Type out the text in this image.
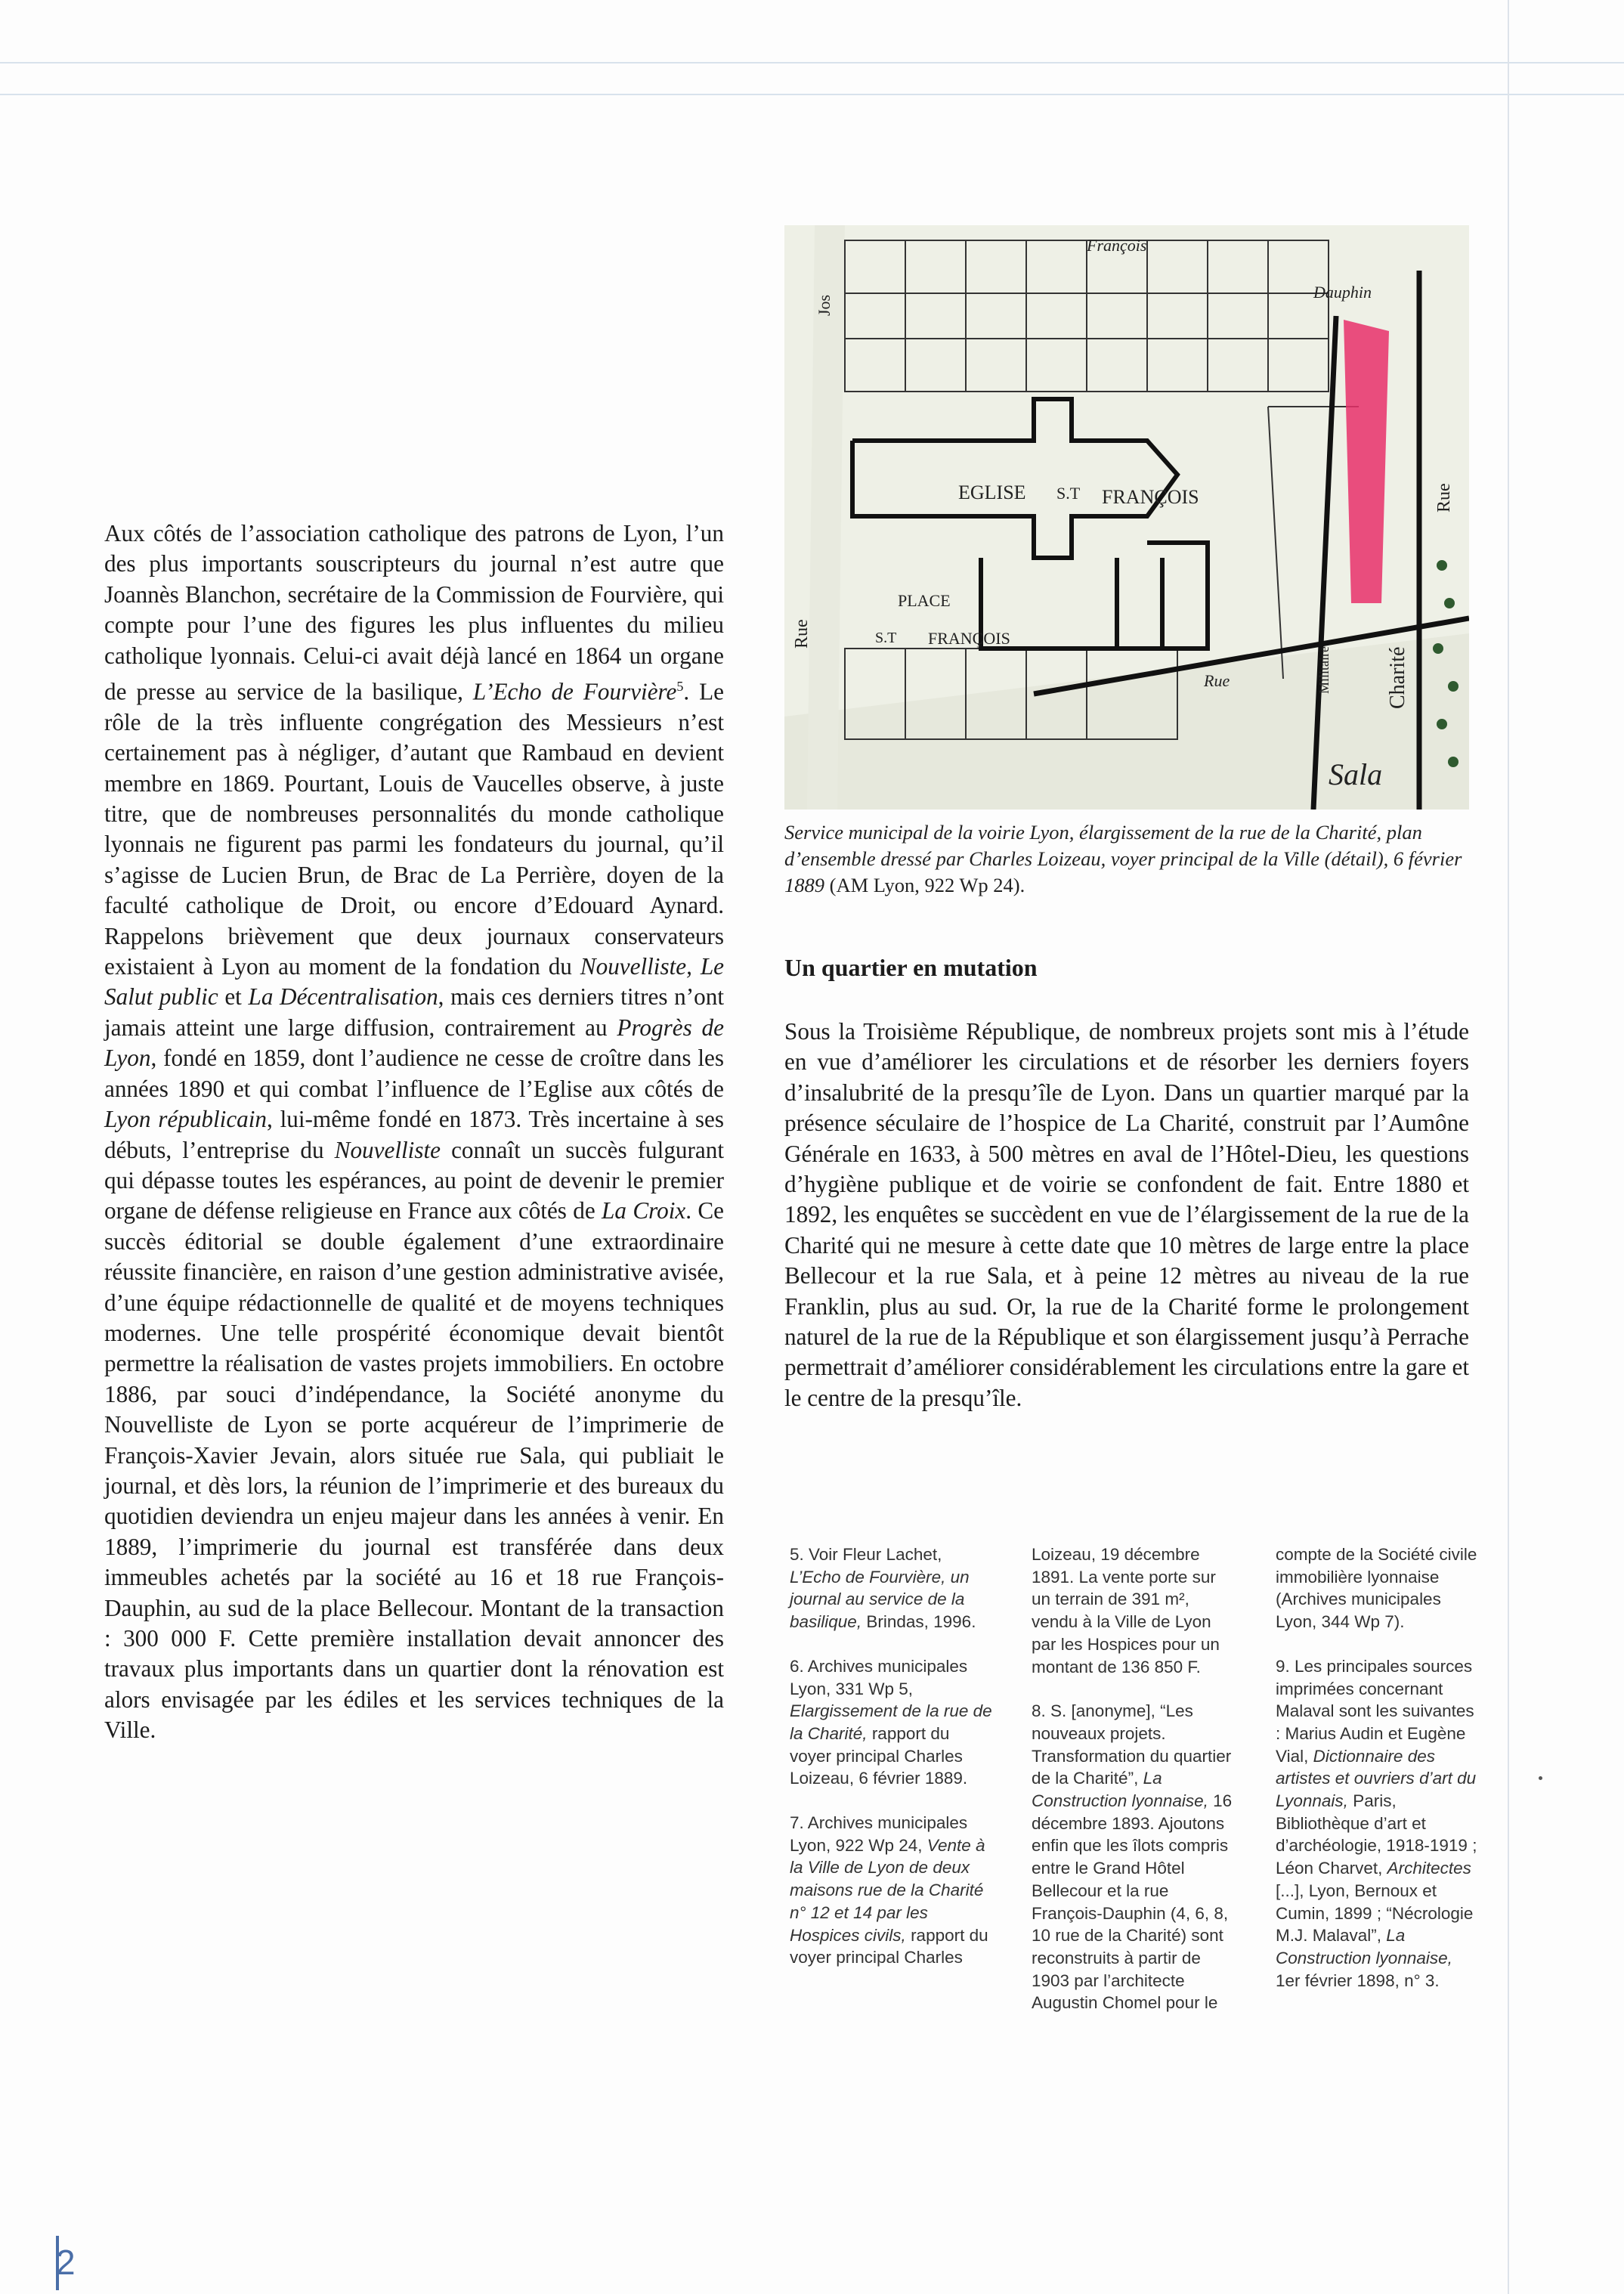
Aux côtés de l’association catholique des patrons de Lyon, l’un des plus importants souscripteurs du journal n’est autre que Joannès Blanchon, secrétaire de la Commission de Fourvière, qui compte pour l’une des figures les plus influentes du milieu catholique lyonnais. Celui-ci avait déjà lancé en 1864 un organe de presse au service de la basilique, L’Echo de Fourvière$^5$. Le rôle de la très influente congrégation des Messieurs n’est certainement pas à négliger, d’autant que Rambaud en devient membre en 1869. Pourtant, Louis de Vaucelles observe, à juste titre, que de nombreuses personnalités du monde catholique lyonnais ne figurent pas parmi les fondateurs du journal, qu’il s’agisse de Lucien Brun, de Brac de La Perrière, doyen de la faculté catholique de Droit, ou encore d’Edouard Aynard. Rappelons brièvement que deux journaux conservateurs existaient à Lyon au moment de la fondation du Nouvelliste, Le Salut public et La Décentralisation, mais ces derniers titres n’ont jamais atteint une large diffusion, contrairement au Progrès de Lyon, fondé en 1859, dont l’audience ne cesse de croître dans les années 1890 et qui combat l’influence de l’Eglise aux côtés de Lyon républicain, lui-même fondé en 1873. Très incertaine à ses débuts, l’entreprise du Nouvelliste connaît un succès fulgurant qui dépasse toutes les espérances, au point de devenir le premier organe de défense religieuse en France aux côtés de La Croix. Ce succès éditorial se double également d’une extraordinaire réussite financière, en raison d’une gestion administrative avisée, d’une équipe rédactionnelle de qualité et de moyens techniques modernes. Une telle prospérité économique devait bientôt permettre la réalisation de vastes projets immobiliers. En octobre 1886, par souci d’indépendance, la Société anonyme du Nouvelliste de Lyon se porte acquéreur de l’imprimerie de François-Xavier Jevain, alors située rue Sala, qui publiait le journal, et dès lors, la réunion de l’imprimerie et des bureaux du quotidien deviendra un enjeu majeur dans les années à venir. En 1889, l’imprimerie du journal est transférée dans deux immeubles achetés par la société au 16 et 18 rue François-Dauphin, au sud de la place Bellecour. Montant de la transaction : 300 000 F. Cette première installation devait annoncer des travaux plus importants dans un quartier dont la rénovation est alors envisagée par les édiles et les services techniques de la Ville.

EGLISE S.T FRANÇOIS
PLACE
S.T FRANÇOIS
François
Dauphin
Rue
Sala
Rue
Charité
Rue
Militaire
Jos
Service municipal de la voirie Lyon, élargissement de la rue de la Charité, plan d’ensemble dressé par Charles Loizeau, voyer principal de la Ville (détail), 6 février 1889 (AM Lyon, 922 Wp 24).
Un quartier en mutation

Sous la Troisième République, de nombreux projets sont mis à l’étude en vue d’améliorer les circulations et de résorber les derniers foyers d’insalubrité de la presqu’île de Lyon. Dans un quartier marqué par la présence séculaire de l’hospice de La Charité, construit par l’Aumône Générale en 1633, à 500 mètres en aval de l’Hôtel-Dieu, les questions d’hygiène publique et de voirie se confondent de fait. Entre 1880 et 1892, les enquêtes se succèdent en vue de l’élargissement de la rue de la Charité qui ne mesure à cette date que 10 mètres de large entre la place Bellecour et la rue Sala, et à peine 12 mètres au niveau de la rue Franklin, plus au sud. Or, la rue de la Charité forme le prolongement naturel de la rue de la République et son élargissement jusqu’à Perrache permettrait d’améliorer considérablement les circulations entre la gare et le centre de la presqu’île.

5. Voir Fleur Lachet, L’Echo de Fourvière, un journal au service de la basilique, Brindas, 1996.

6. Archives municipales Lyon, 331 Wp 5, Elargissement de la rue de la Charité, rapport du voyer principal Charles Loizeau, 6 février 1889.

7. Archives municipales Lyon, 922 Wp 24, Vente à la Ville de Lyon de deux maisons rue de la Charité n° 12 et 14 par les Hospices civils, rapport du voyer principal Charles

Loizeau, 19 décembre 1891. La vente porte sur un terrain de 391 m², vendu à la Ville de Lyon par les Hospices pour un montant de 136 850 F.

8. S. [anonyme], “Les nouveaux projets. Transformation du quartier de la Charité”, La Construction lyonnaise, 16 décembre 1893. Ajoutons enfin que les îlots compris entre le Grand Hôtel Bellecour et la rue François-Dauphin (4, 6, 8, 10 rue de la Charité) sont reconstruits à partir de 1903 par l’architecte Augustin Chomel pour le

compte de la Société civile immobilière lyonnaise (Archives municipales Lyon, 344 Wp 7).

9. Les principales sources imprimées concernant Malaval sont les suivantes : Marius Audin et Eugène Vial, Dictionnaire des artistes et ouvriers d’art du Lyonnais, Paris, Bibliothèque d’art et d’archéologie, 1918-1919 ; Léon Charvet, Architectes [...], Lyon, Bernoux et Cumin, 1899 ; “Nécrologie M.J. Malaval”, La Construction lyonnaise, 1er février 1898, n° 3.

2
